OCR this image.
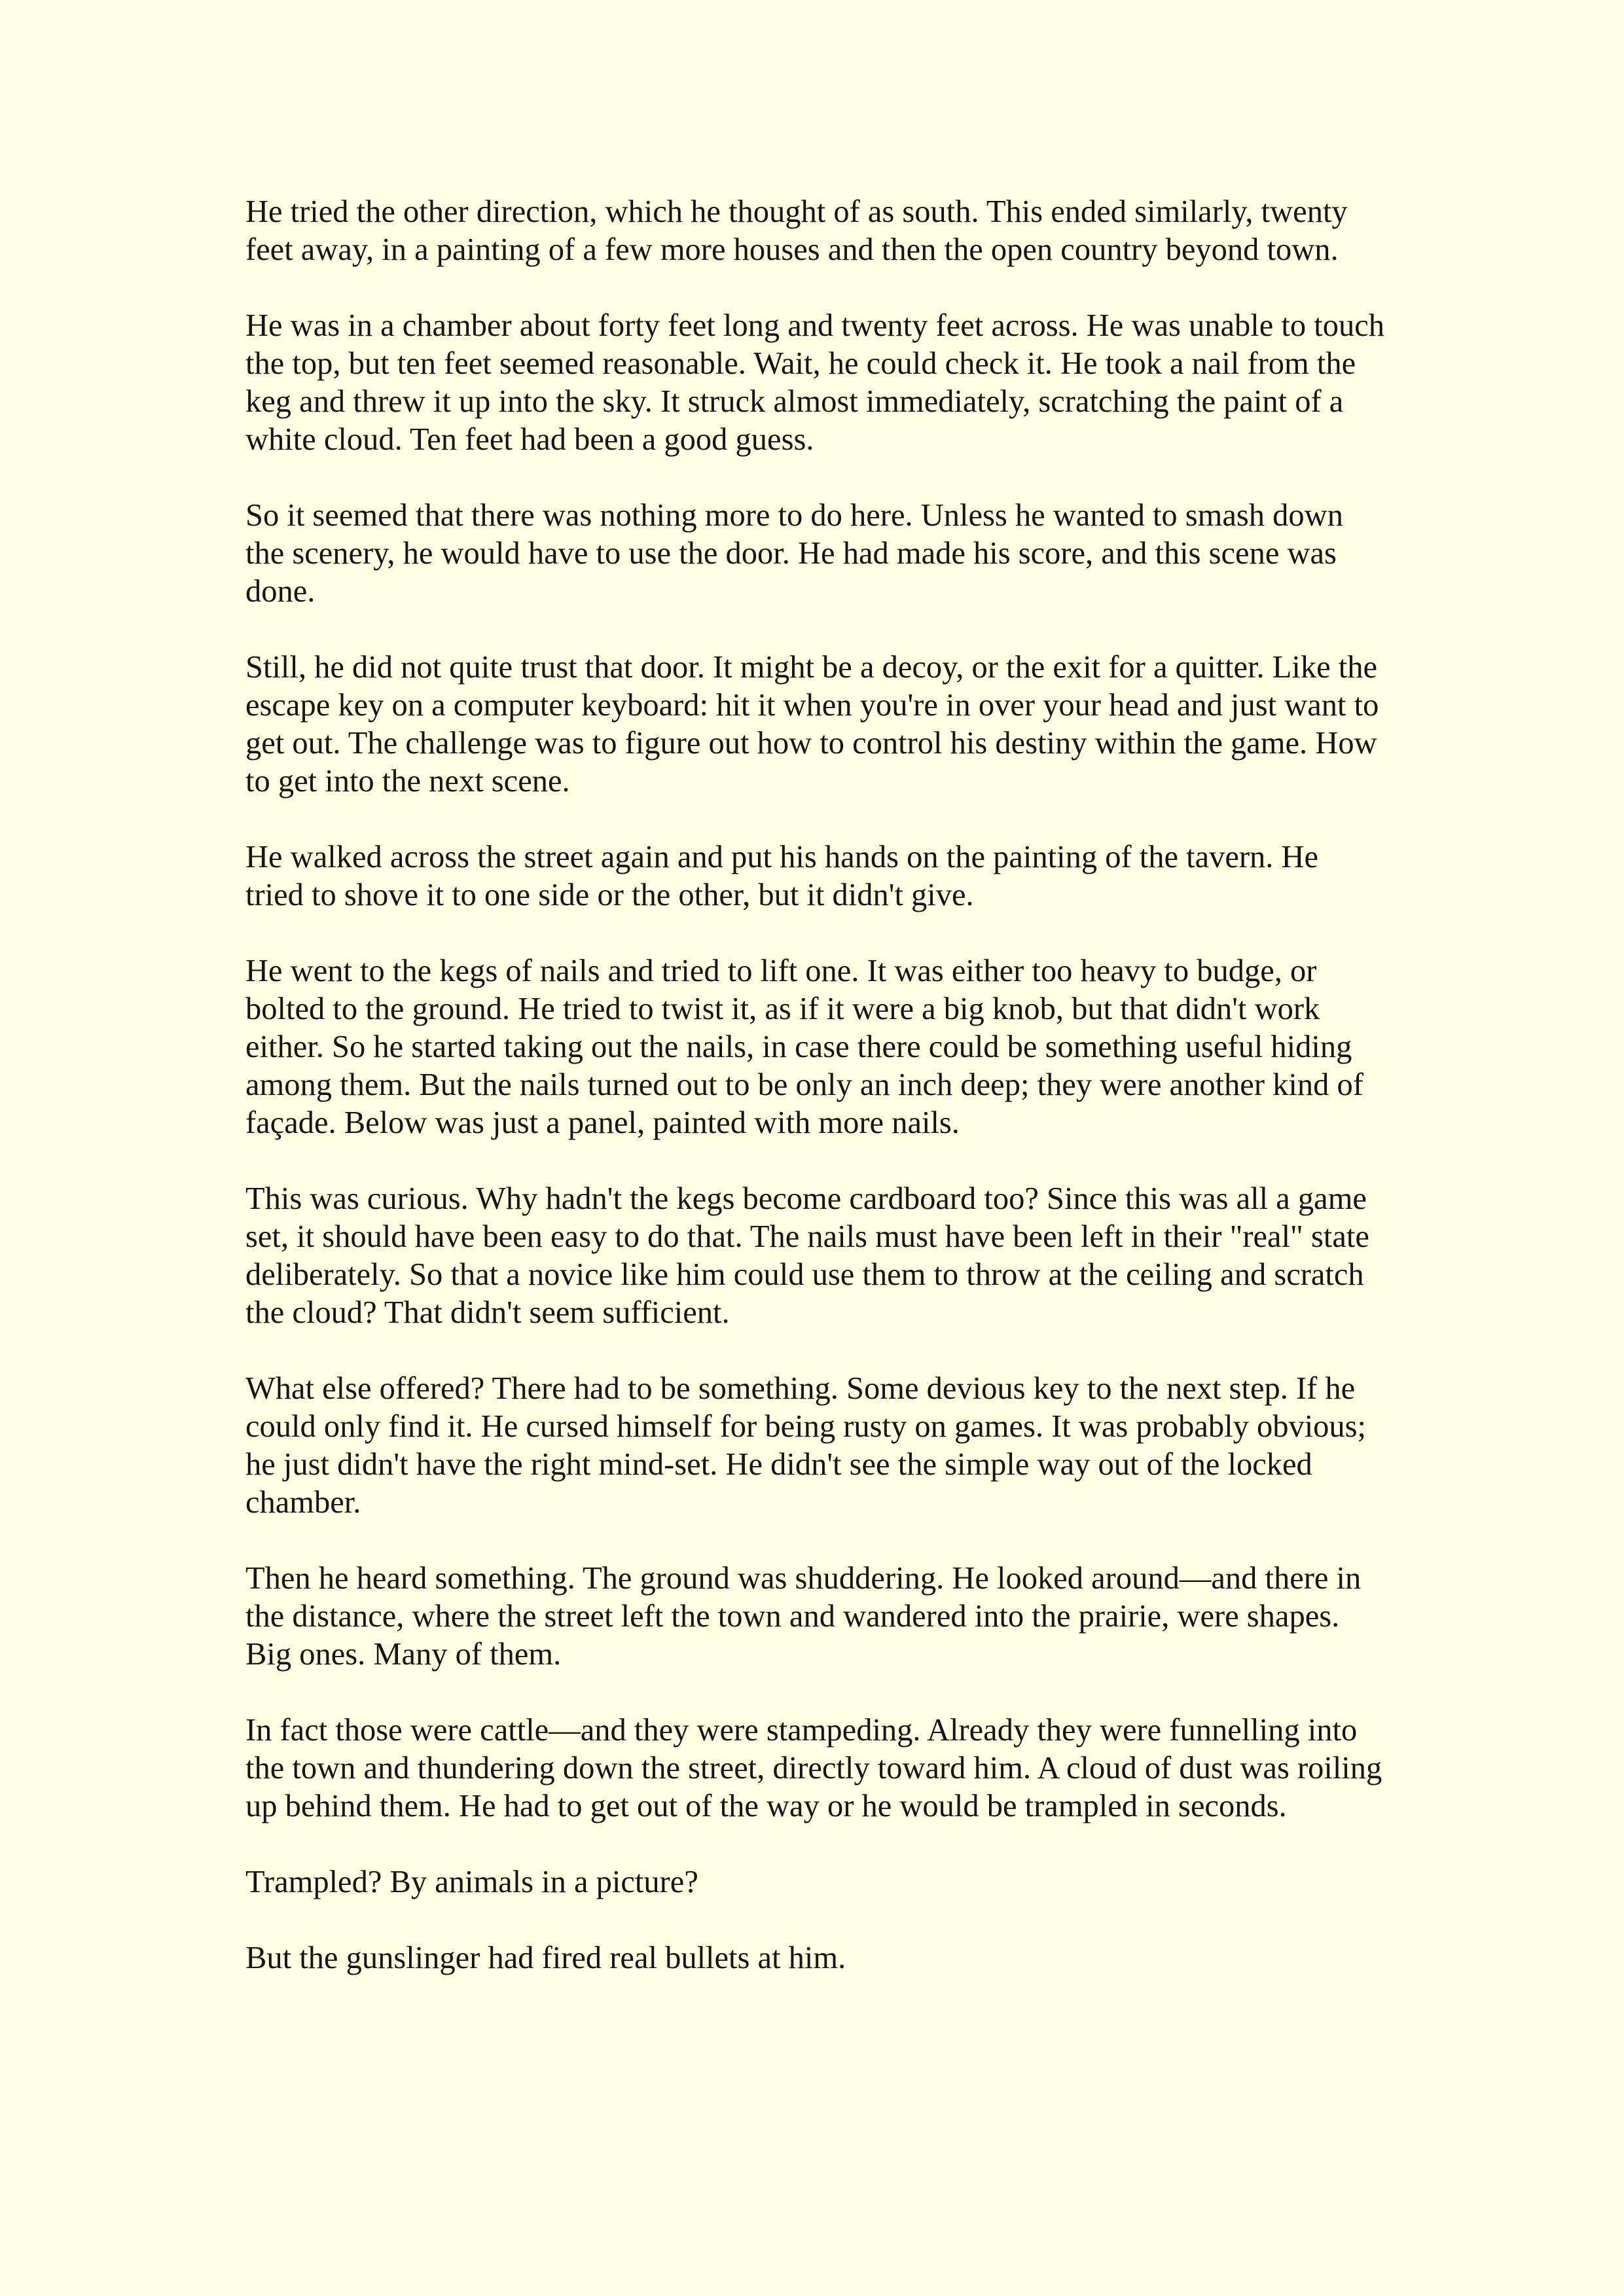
He tried the other direction, which he thought of as south. This ended similarly, twenty feet away, in a painting of a few more houses and then the open country beyond town.

He was in a chamber about forty feet long and twenty feet across. He was unable to touch the top, but ten feet seemed reasonable. Wait, he could check it. He took a nail from the keg and threw it up into the sky. It struck almost immediately, scratching the paint of a white cloud. Ten feet had been a good guess.

So it seemed that there was nothing more to do here. Unless he wanted to smash down the scenery, he would have to use the door. He had made his score, and this scene was done.

Still, he did not quite trust that door. It might be a decoy, or the exit for a quitter. Like the escape key on a computer keyboard: hit it when you're in over your head and just want to get out. The challenge was to figure out how to control his destiny within the game. How to get into the next scene.

He walked across the street again and put his hands on the painting of the tavern. He tried to shove it to one side or the other, but it didn't give.

He went to the kegs of nails and tried to lift one. It was either too heavy to budge, or bolted to the ground. He tried to twist it, as if it were a big knob, but that didn't work either. So he started taking out the nails, in case there could be something useful hiding among them. But the nails turned out to be only an inch deep; they were another kind of façade. Below was just a panel, painted with more nails.

This was curious. Why hadn't the kegs become cardboard too? Since this was all a game set, it should have been easy to do that. The nails must have been left in their "real" state deliberately. So that a novice like him could use them to throw at the ceiling and scratch the cloud? That didn't seem sufficient.

What else offered? There had to be something. Some devious key to the next step. If he could only find it. He cursed himself for being rusty on games. It was probably obvious; he just didn't have the right mind-set. He didn't see the simple way out of the locked chamber.

Then he heard something. The ground was shuddering. He looked around—and there in the distance, where the street left the town and wandered into the prairie, were shapes. Big ones. Many of them.

In fact those were cattle—and they were stampeding. Already they were funnelling into the town and thundering down the street, directly toward him. A cloud of dust was roiling up behind them. He had to get out of the way or he would be trampled in seconds.

Trampled? By animals in a picture?

But the gunslinger had fired real bullets at him.
